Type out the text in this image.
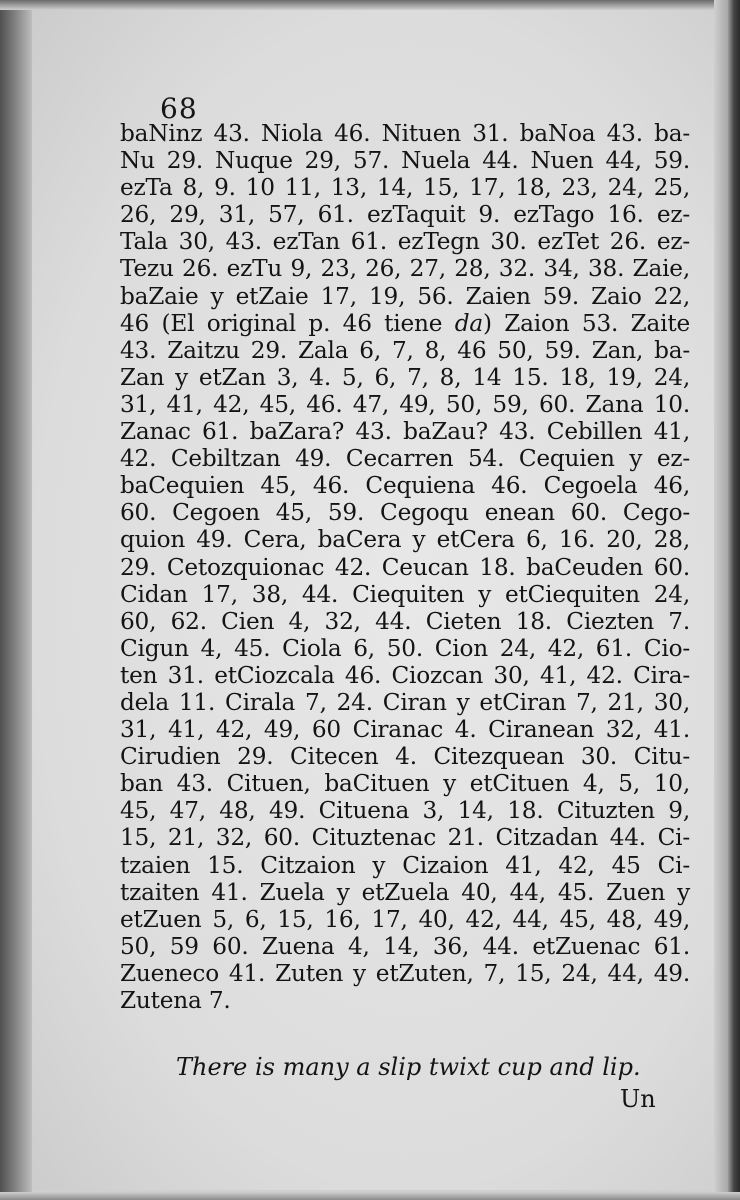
68
baNinz 43. Niola 46. Nituen 31. baNoa 43. ba-
Nu 29. Nuque 29, 57. Nuela 44. Nuen 44, 59.
ezTa 8, 9. 10 11, 13, 14, 15, 17, 18, 23, 24, 25,
26, 29, 31, 57, 61. ezTaquit 9. ezTago 16. ez-
Tala 30, 43. ezTan 61. ezTegn 30. ezTet 26. ez-
Tezu 26. ezTu 9, 23, 26, 27, 28, 32. 34, 38. Zaie,
baZaie y etZaie 17, 19, 56. Zaien 59. Zaio 22,
46 (El original p. 46 tiene da) Zaion 53. Zaite
43. Zaitzu 29. Zala 6, 7, 8, 46 50, 59. Zan, ba-
Zan y etZan 3, 4. 5, 6, 7, 8, 14 15. 18, 19, 24,
31, 41, 42, 45, 46. 47, 49, 50, 59, 60. Zana 10.
Zanac 61. baZara? 43. baZau? 43. Cebillen 41,
42. Cebiltzan 49. Cecarren 54. Cequien y ez-
baCequien 45, 46. Cequiena 46. Cegoela 46,
60. Cegoen 45, 59. Cegoqu enean 60. Cego-
quion 49. Cera, baCera y etCera 6, 16. 20, 28,
29. Cetozquionac 42. Ceucan 18. baCeuden 60.
Cidan 17, 38, 44. Ciequiten y etCiequiten 24,
60, 62. Cien 4, 32, 44. Cieten 18. Ciezten 7.
Cigun 4, 45. Ciola 6, 50. Cion 24, 42, 61. Cio-
ten 31. etCiozcala 46. Ciozcan 30, 41, 42. Cira-
dela 11. Cirala 7, 24. Ciran y etCiran 7, 21, 30,
31, 41, 42, 49, 60 Ciranac 4. Ciranean 32, 41.
Cirudien 29. Citecen 4. Citezquean 30. Citu-
ban 43. Cituen, baCituen y etCituen 4, 5, 10,
45, 47, 48, 49. Cituena 3, 14, 18. Cituzten 9,
15, 21, 32, 60. Cituztenac 21. Citzadan 44. Ci-
tzaien 15. Citzaion y Cizaion 41, 42, 45 Ci-
tzaiten 41. Zuela y etZuela 40, 44, 45. Zuen y
etZuen 5, 6, 15, 16, 17, 40, 42, 44, 45, 48, 49,
50, 59 60. Zuena 4, 14, 36, 44. etZuenac 61.
Zueneco 41. Zuten y etZuten, 7, 15, 24, 44, 49.
Zutena 7.
There is many a slip twixt cup and lip.
Un
